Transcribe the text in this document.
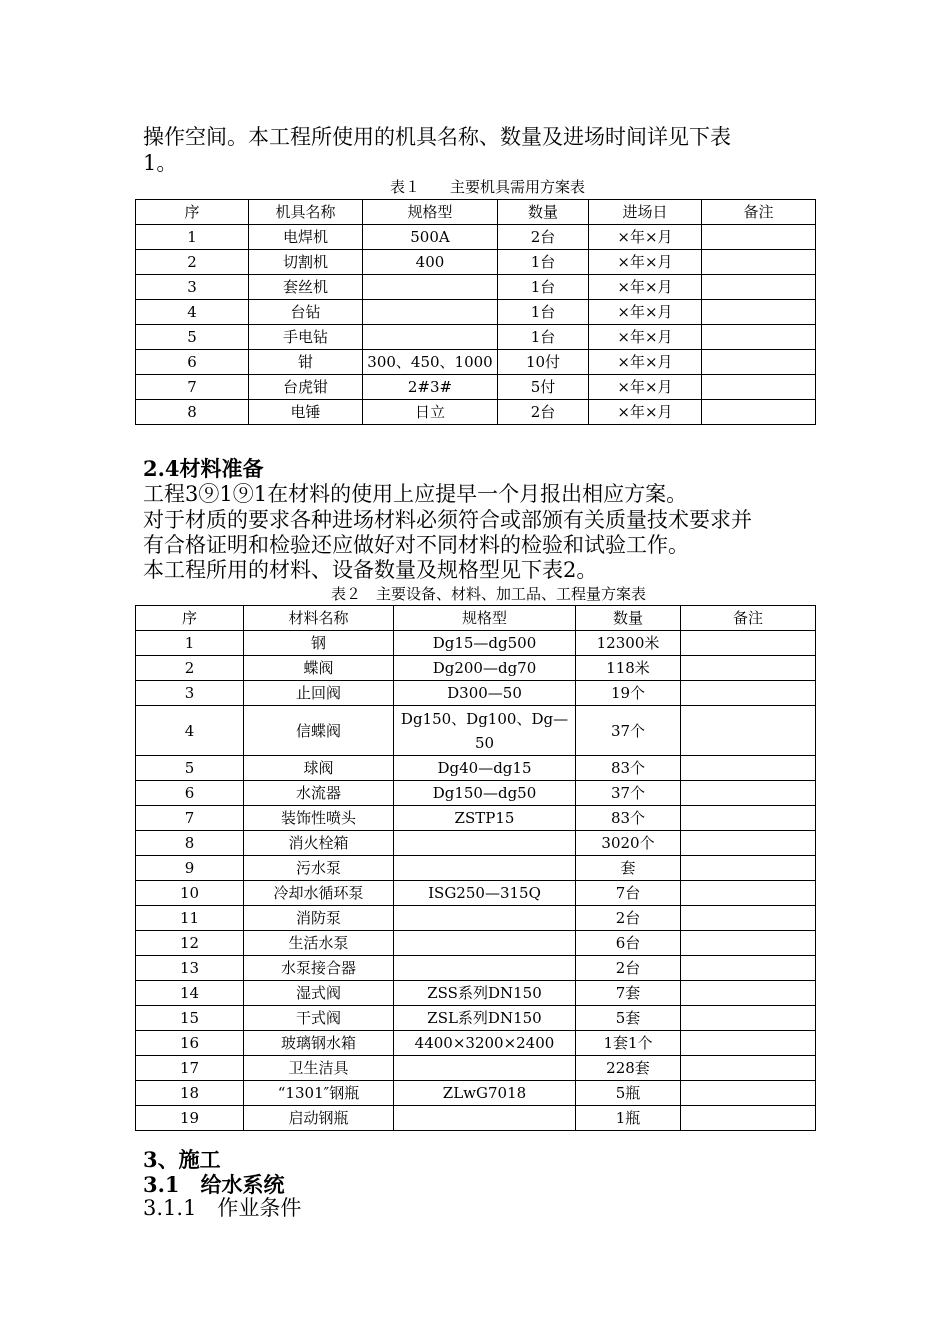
操作空间。本工程所使用的机具名称、数量及进场时间详见下表
1。
表１　　主要机具需用方案表
序	机具名称	规格型	数量	进场日	备注
1	电焊机	500A	2台	×年×月	
2	切割机	400	1台	×年×月	
3	套丝机		1台	×年×月	
4	台钻		1台	×年×月	
5	手电钻		1台	×年×月	
6	钳	300、450、1000	10付	×年×月	
7	台虎钳	2#3#	5付	×年×月	
8	电锤	日立	2台	×年×月	
2.4材料准备
工程3⑨1⑨1在材料的使用上应提早一个月报出相应方案。
对于材质的要求各种进场材料必须符合或部颁有关质量技术要求并
有合格证明和检验还应做好对不同材料的检验和试验工作。
本工程所用的材料、设备数量及规格型见下表2。
表２　主要设备、材料、加工品、工程量方案表
序	材料名称	规格型	数量	备注
1	钢	Dg15—dg500	12300米	
2	蝶阀	Dg200—dg70	118米	
3	止回阀	D300—50	19个	
4	信蝶阀	Dg150、Dg100、Dg—50	37个	
5	球阀	Dg40—dg15	83个	
6	水流器	Dg150—dg50	37个	
7	装饰性喷头	ZSTP15	83个	
8	消火栓箱		3020个	
9	污水泵		套	
10	冷却水循环泵	ISG250—315Q	7台	
11	消防泵		2台	
12	生活水泵		6台	
13	水泵接合器		2台	
14	湿式阀	ZSS系列DN150	7套	
15	干式阀	ZSL系列DN150	5套	
16	玻璃钢水箱	4400×3200×2400	1套1个	
17	卫生洁具		228套	
18	“1301″钢瓶	ZLwG7018	5瓶	
19	启动钢瓶		1瓶	
3、施工
3.1　给水系统
3.1.1　作业条件
